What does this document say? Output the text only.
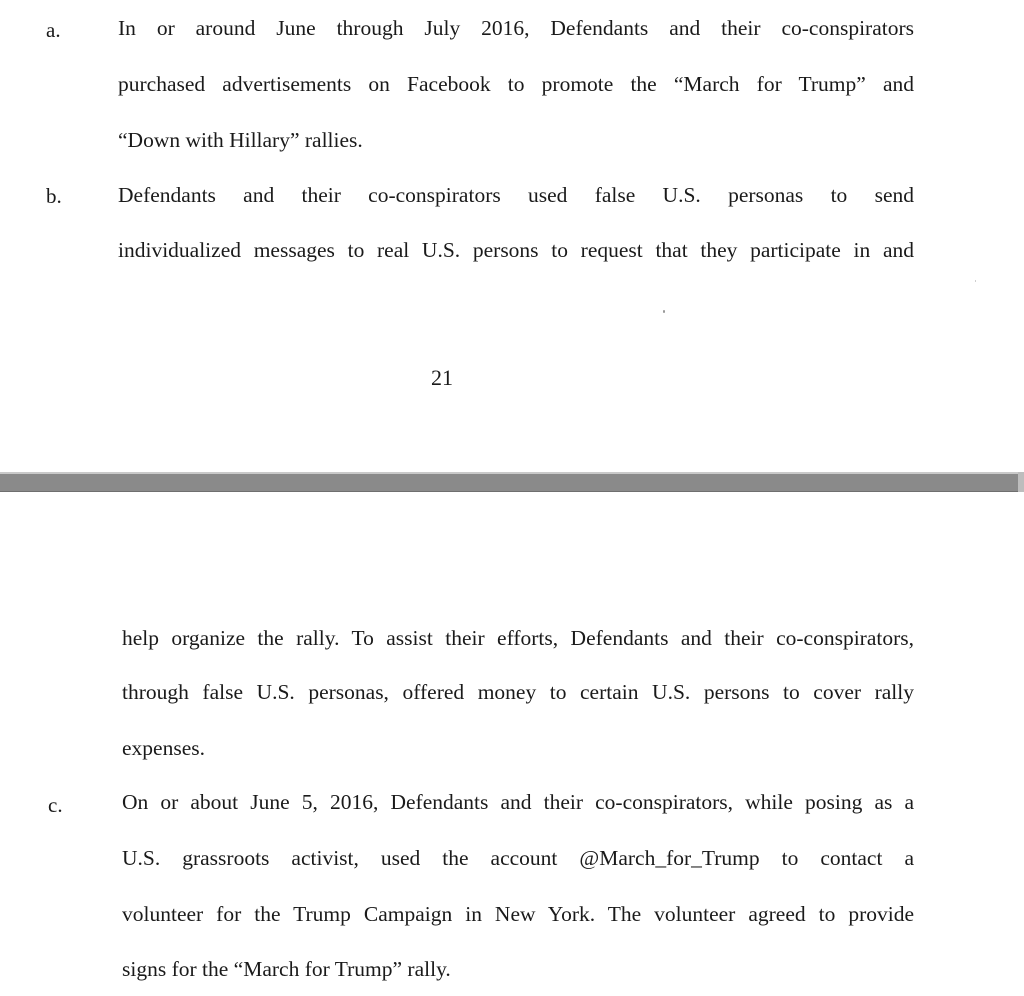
a.	In or around June through July 2016, Defendants and their co-conspirators
purchased advertisements on Facebook to promote the “March for Trump” and
“Down with Hillary” rallies.
b.	Defendants and their co-conspirators used false U.S. personas to send
individualized messages to real U.S. persons to request that they participate in and
21
help organize the rally. To assist their efforts, Defendants and their co-conspirators,
through false U.S. personas, offered money to certain U.S. persons to cover rally
expenses.
c.	On or about June 5, 2016, Defendants and their co-conspirators, while posing as a
U.S. grassroots activist, used the account @March_for_Trump to contact a
volunteer for the Trump Campaign in New York. The volunteer agreed to provide
signs for the “March for Trump” rally.
